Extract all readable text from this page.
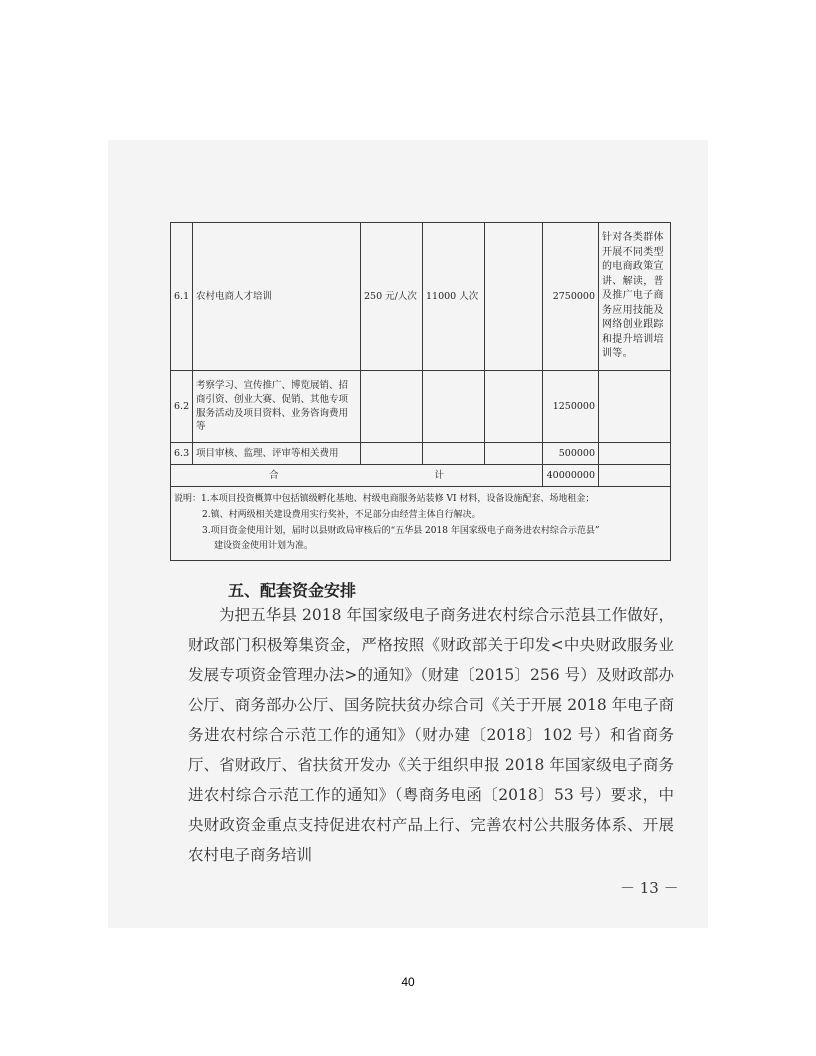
6.1	农村电商人才培训	250 元/人次	11000 人次		2750000	针对各类群体开展不同类型的电商政策宣讲、解读，普及推广电子商务应用技能及网络创业跟踪和提升培训培训等。
6.2	考察学习、宣传推广、博览展销、招商引资、创业大赛、促销、其他专项服务活动及项目资料、业务咨询费用等				1250000	
6.3	项目审核、监理、评审等相关费用				500000	
合 计					40000000	

说明：1.本项目投资概算中包括镇级孵化基地、村级电商服务站装修 VI 材料，设备设施配套、场地租金；
2.镇、村两级相关建设费用实行奖补，不足部分由经营主体自行解决。
3.项目资金使用计划，届时以县财政局审核后的“五华县 2018 年国家级电子商务进农村综合示范县”
建设资金使用计划为准。						
五、配套资金安排

为把五华县 2018 年国家级电子商务进农村综合示范县工作做好，财政部门积极筹集资金，严格按照《财政部关于印发<中央财政服务业发展专项资金管理办法>的通知》（财建〔2015〕256 号）及财政部办公厅、商务部办公厅、国务院扶贫办综合司《关于开展 2018 年电子商务进农村综合示范工作的通知》（财办建〔2018〕102 号）和省商务厅、省财政厅、省扶贫开发办《关于组织申报 2018 年国家级电子商务进农村综合示范工作的通知》（粤商务电函〔2018〕53 号）要求，中央财政资金重点支持促进农村产品上行、完善农村公共服务体系、开展农村电子商务培训

－ 13 －
40
